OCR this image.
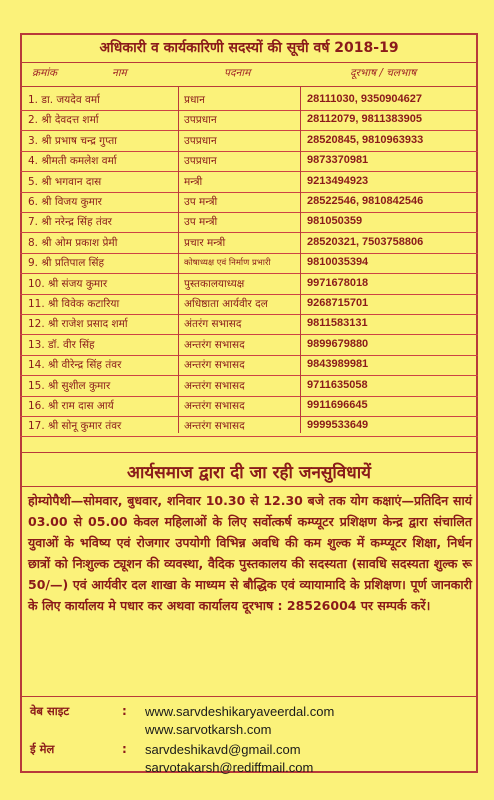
अधिकारी व कार्यकारिणी सदस्यों की सूची वर्ष 2018-19
क्रमांक	नाम	पदनाम	दूरभाष / चलभाष
1. डा. जयदेव वर्मा	प्रधान	28111030, 9350904627
2. श्री देवदत्त शर्मा	उपप्रधान	28112079, 9811383905
3. श्री प्रभाष चन्द्र गुप्ता	उपप्रधान	28520845, 9810963933
4. श्रीमती कमलेश वर्मा	उपप्रधान	9873370981
5. श्री भगवान दास	मन्त्री	9213494923
6. श्री विजय कुमार	उप मन्त्री	28522546, 9810842546
7. श्री नरेन्द्र सिंह तंवर	उप मन्त्री	981050359
8. श्री ओम प्रकाश प्रेमी	प्रचार मन्त्री	28520321, 7503758806
9. श्री प्रतिपाल सिंह	कोषाध्यक्ष एवं निर्माण प्रभारी	9810035394
10. श्री संजय कुमार	पुस्तकालयाध्यक्ष	9971678018
11. श्री विवेक कटारिया	अधिष्ठाता आर्यवीर दल	9268715701
12. श्री राजेश प्रसाद शर्मा	अंतरंग सभासद	9811583131
13. डॉ. वीर सिंह	अन्तरंग सभासद	9899679880
14. श्री वीरेन्द्र सिंह तंवर	अन्तरंग सभासद	9843989981
15. श्री सुशील कुमार	अन्तरंग सभासद	9711635058
16. श्री राम दास आर्य	अन्तरंग सभासद	9911696645
17. श्री सोनू कुमार तंवर	अन्तरंग सभासद	9999533649
आर्यसमाज द्वारा दी जा रही जनसुविधायें
होम्योपैथी—सोमवार, बुधवार, शनिवार 10.30 से 12.30 बजे तक योग कक्षाएं—प्रतिदिन सायं 03.00 से 05.00 केवल महिलाओं के लिए सर्वोत्कर्ष कम्प्यूटर प्रशिक्षण केन्द्र द्वारा संचालित युवाओं के भविष्य एवं रोजगार उपयोगी विभिन्न अवधि की कम शुल्क में कम्प्यूटर शिक्षा, निर्धन छात्रों को निःशुल्क ट्यूशन की व्यवस्था, वैदिक पुस्तकालय की सदस्यता (सावधि सदस्यता शुल्क रू 50/—) एवं आर्यवीर दल शाखा के माध्यम से बौद्धिक एवं व्यायामादि के प्रशिक्षण। पूर्ण जानकारी के लिए कार्यालय मे पधार कर अथवा कार्यालय दूरभाष : 28526004 पर सम्पर्क करें।
वेब साइट	: www.sarvdeshikaryaveerdal.com
www.sarvotkarsh.com
ई मेल	: sarvdeshikavd@gmail.com
sarvotakarsh@rediffmail.com
